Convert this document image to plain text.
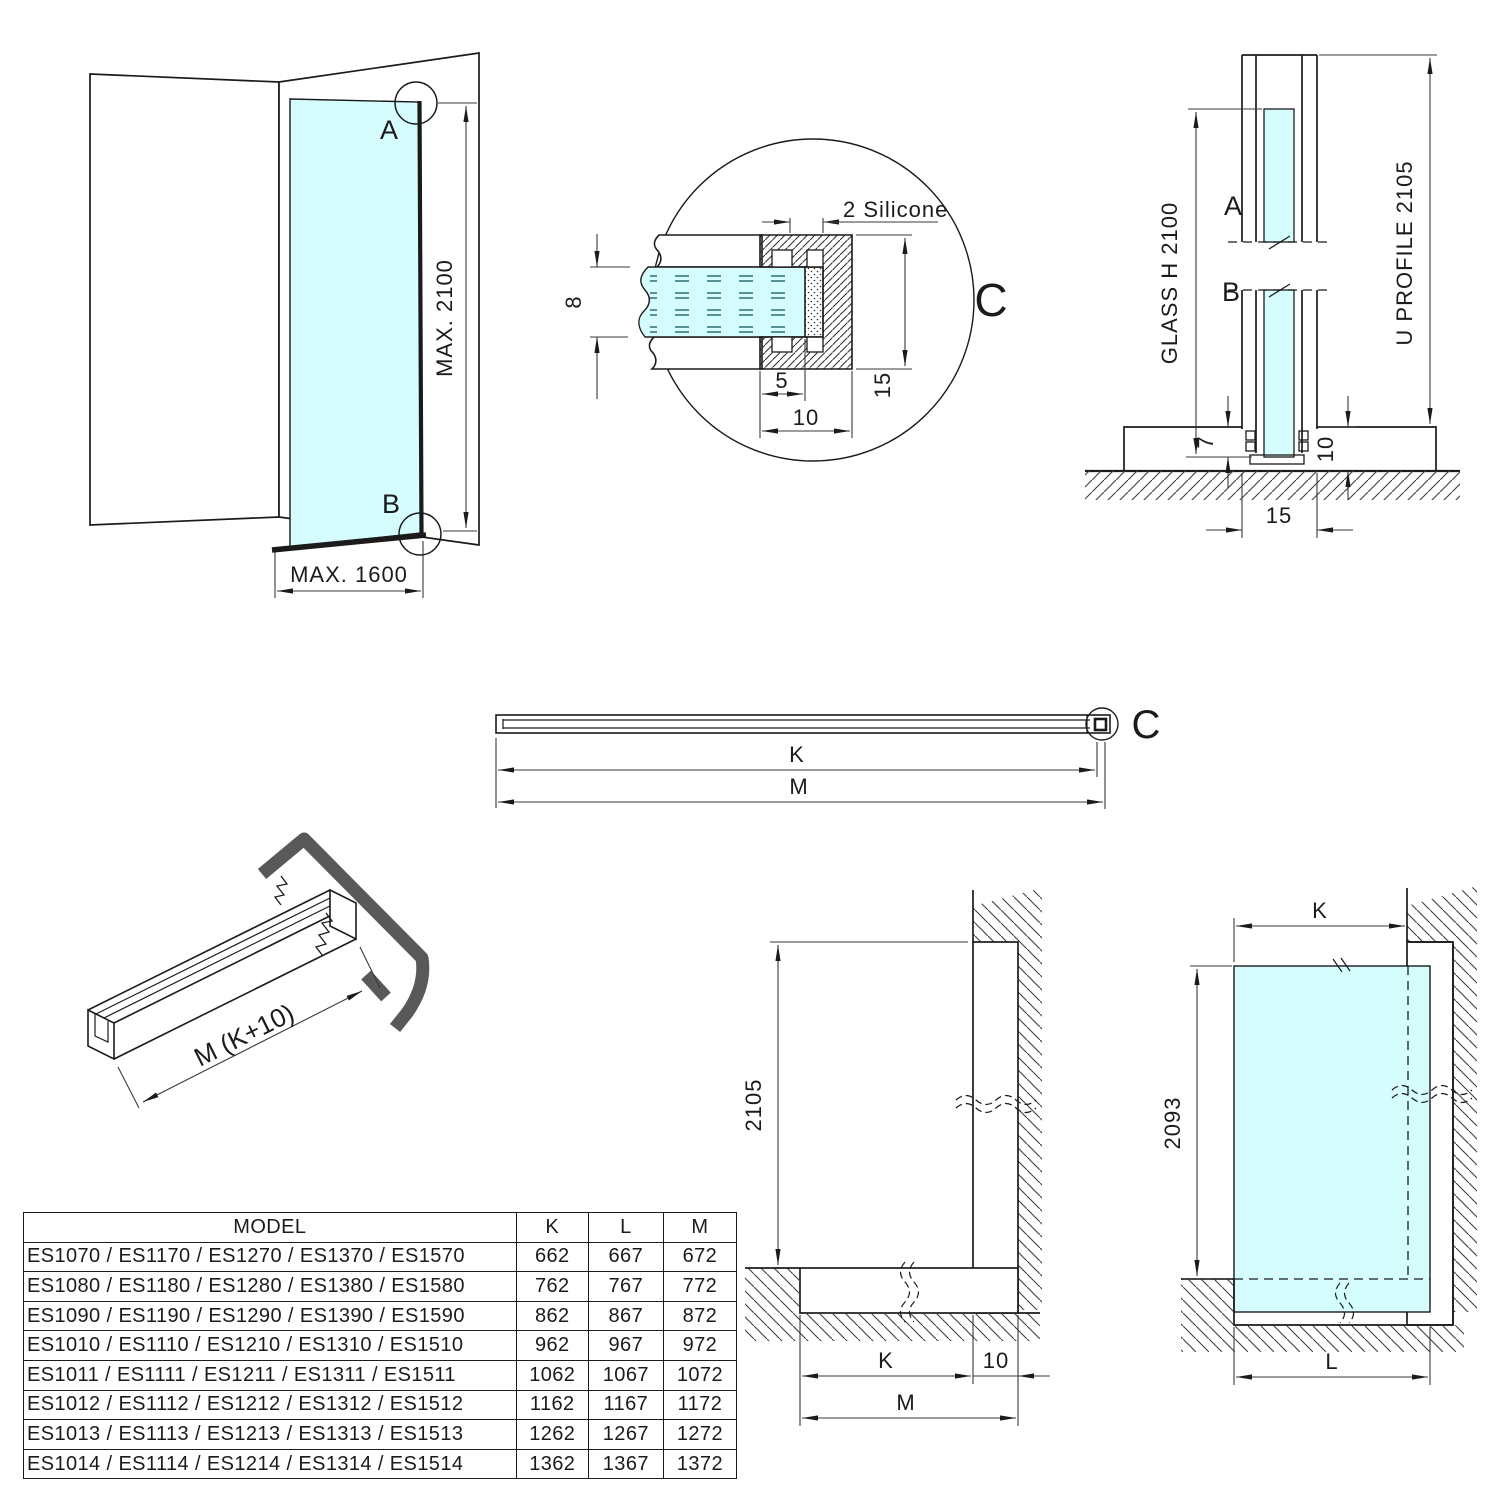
A
B
MAX. 2100
MAX. 1600
2 Silicone
8
15
5
10
C	GLASS H 2100	U PROFILE 2105
A
B
7	10
15
C
K
M
M (K+10)
2105
K	10
M
K
2093
L
MODEL	K	L	M
ES1070 / ES1170 / ES1270 / ES1370 / ES1570	662	667	672
ES1080 / ES1180 / ES1280 / ES1380 / ES1580	762	767	772
ES1090 / ES1190 / ES1290 / ES1390 / ES1590	862	867	872
ES1010 / ES1110 / ES1210 / ES1310 / ES1510	962	967	972
ES1011 / ES1111 / ES1211 / ES1311 / ES1511	1062	1067	1072
ES1012 / ES1112 / ES1212 / ES1312 / ES1512	1162	1167	1172
ES1013 / ES1113 / ES1213 / ES1313 / ES1513	1262	1267	1272
ES1014 / ES1114 / ES1214 / ES1314 / ES1514	1362	1367	1372
